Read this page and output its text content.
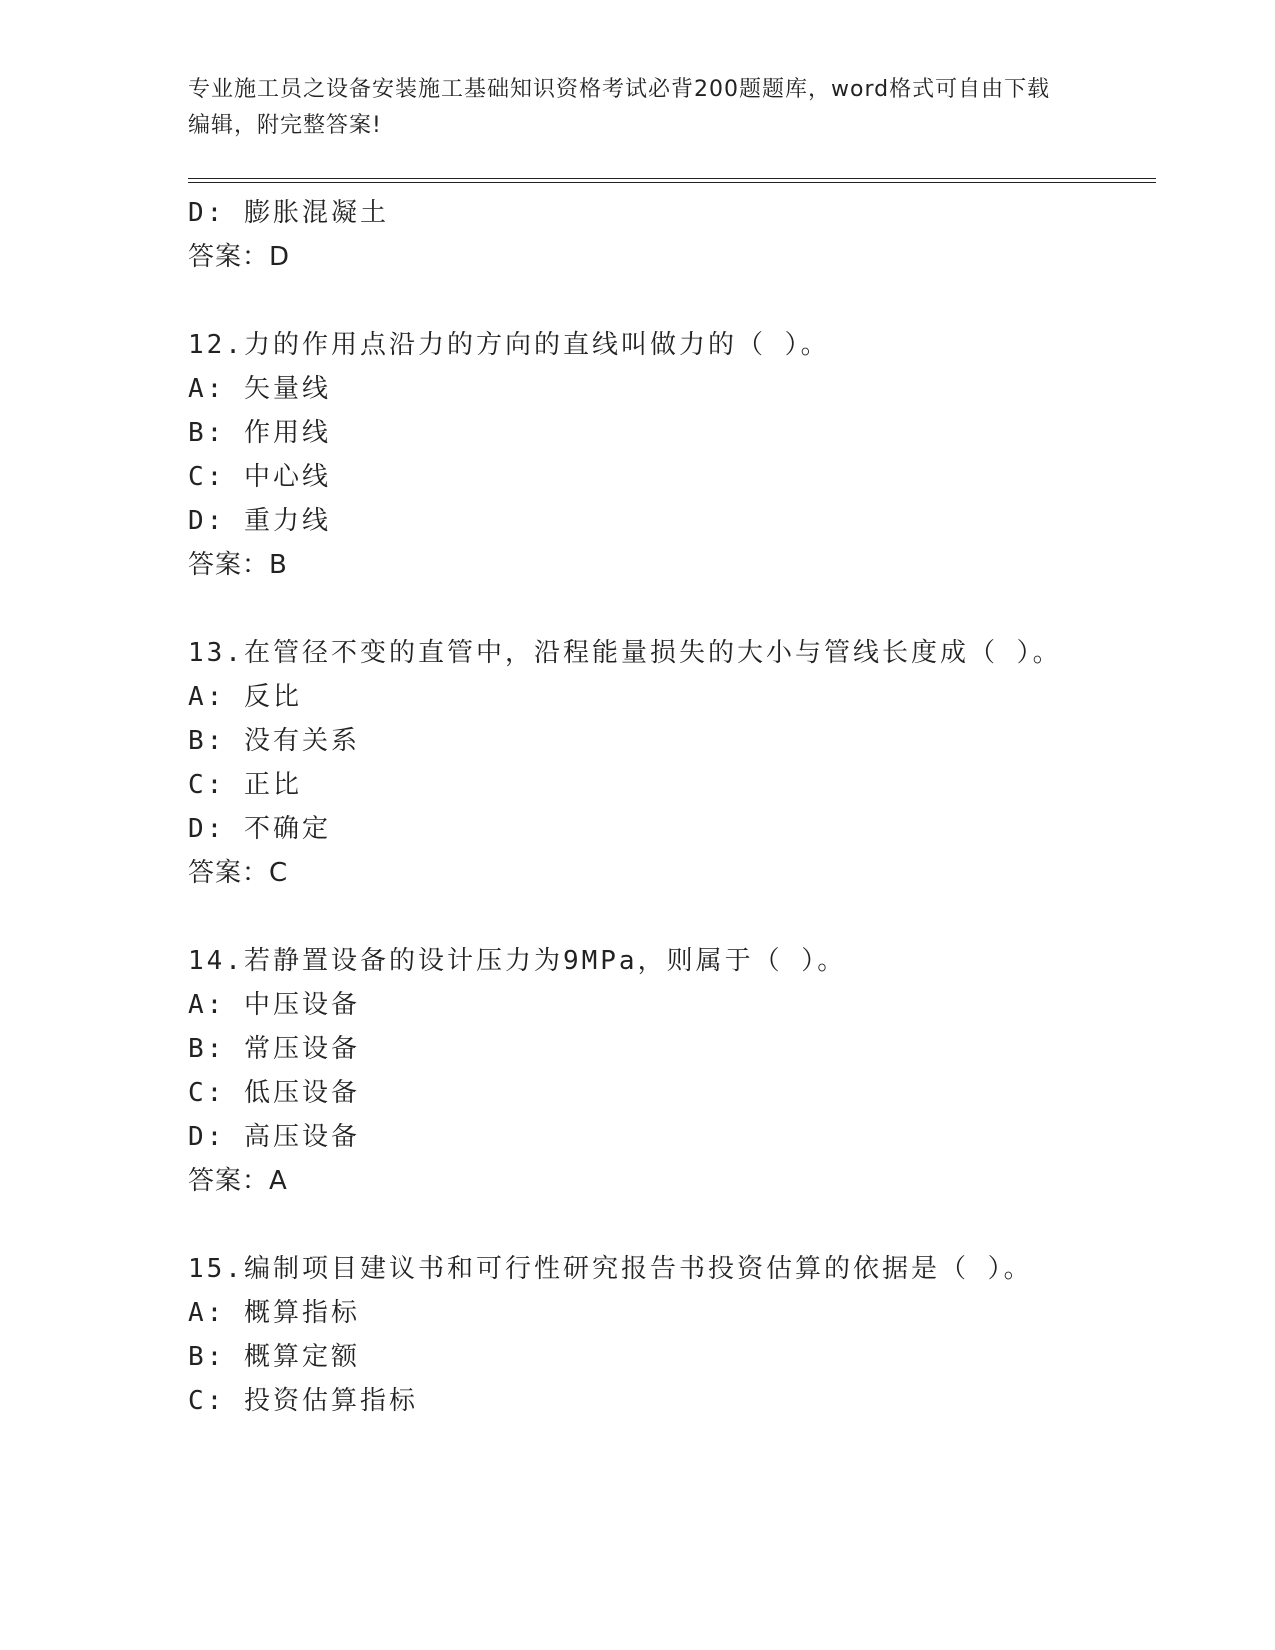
专业施工员之设备安装施工基础知识资格考试必背200题题库，word格式可自由下载编辑，附完整答案!
D: 膨胀混凝土
答案：D
12.力的作用点沿力的方向的直线叫做力的（ ）。
A: 矢量线
B: 作用线
C: 中心线
D: 重力线
答案：B
13.在管径不变的直管中，沿程能量损失的大小与管线长度成（ ）。
A: 反比
B: 没有关系
C: 正比
D: 不确定
答案：C
14.若静置设备的设计压力为9MPa，则属于（ ）。
A: 中压设备
B: 常压设备
C: 低压设备
D: 高压设备
答案：A
15.编制项目建议书和可行性研究报告书投资估算的依据是（ ）。
A: 概算指标
B: 概算定额
C: 投资估算指标
